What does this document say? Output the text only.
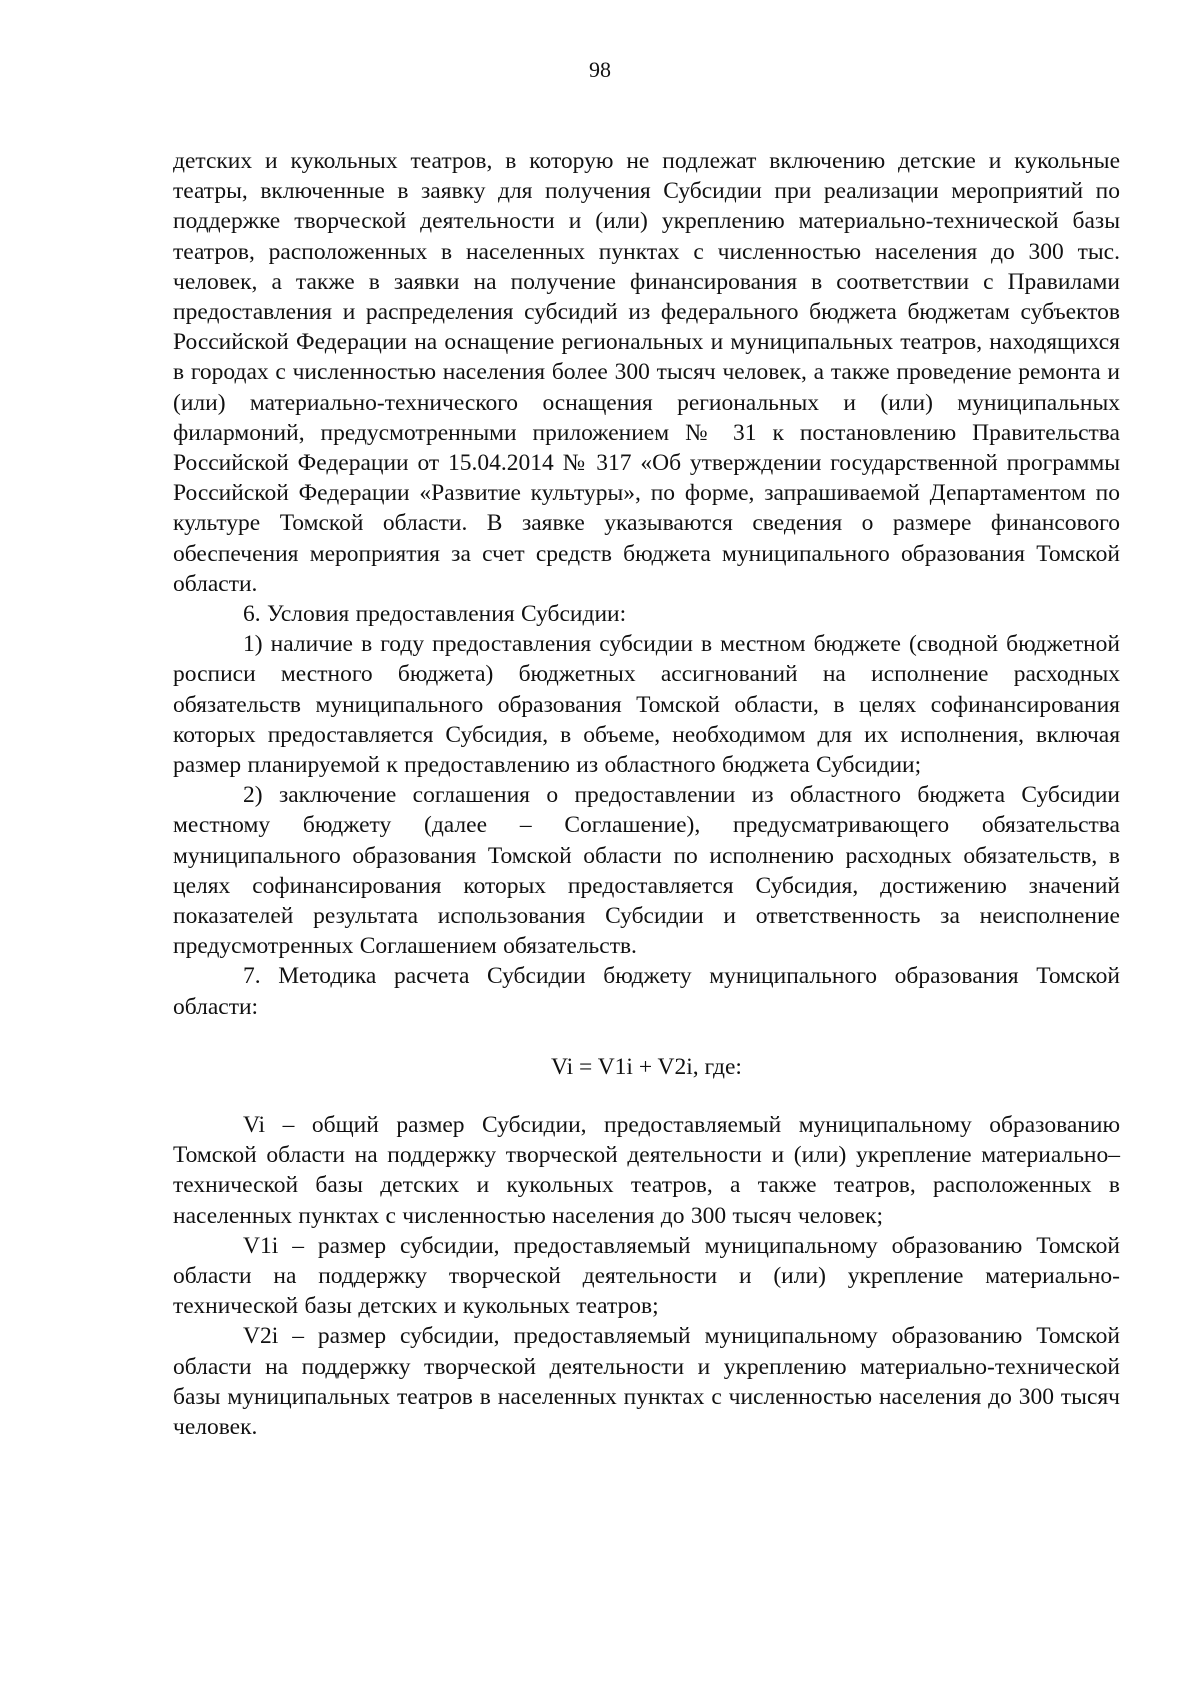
98

детских и кукольных театров, в которую не подлежат включению детские и кукольные театры, включенные в заявку для получения Субсидии при реализации мероприятий по поддержке творческой деятельности и (или) укреплению материально-технической базы театров, расположенных в населенных пунктах с численностью населения до 300 тыс. человек, а также в заявки на получение финансирования в соответствии с Правилами предоставления и распределения субсидий из федерального бюджета бюджетам субъектов Российской Федерации на оснащение региональных и муниципальных театров, находящихся в городах с численностью населения более 300 тысяч человек, а также проведение ремонта и (или) материально-технического оснащения региональных и (или) муниципальных филармоний, предусмотренными приложением № 31 к постановлению Правительства Российской Федерации от 15.04.2014 № 317 «Об утверждении государственной программы Российской Федерации «Развитие культуры», по форме, запрашиваемой Департаментом по культуре Томской области. В заявке указываются сведения о размере финансового обеспечения мероприятия за счет средств бюджета муниципального образования Томской области.

6. Условия предоставления Субсидии:

1) наличие в году предоставления субсидии в местном бюджете (сводной бюджетной росписи местного бюджета) бюджетных ассигнований на исполнение расходных обязательств муниципального образования Томской области, в целях софинансирования которых предоставляется Субсидия, в объеме, необходимом для их исполнения, включая размер планируемой к предоставлению из областного бюджета Субсидии;

2) заключение соглашения о предоставлении из областного бюджета Субсидии местному бюджету (далее – Соглашение), предусматривающего обязательства муниципального образования Томской области по исполнению расходных обязательств, в целях софинансирования которых предоставляется Субсидия, достижению значений показателей результата использования Субсидии и ответственность за неисполнение предусмотренных Соглашением обязательств.

7. Методика расчета Субсидии бюджету муниципального образования Томской области:

Vi = V1i + V2i, где:

Vi – общий размер Субсидии, предоставляемый муниципальному образованию Томской области на поддержку творческой деятельности и (или) укрепление материально–технической базы детских и кукольных театров, а также театров, расположенных в населенных пунктах с численностью населения до 300 тысяч человек;

V1i – размер субсидии, предоставляемый муниципальному образованию Томской области на поддержку творческой деятельности и (или) укрепление материально-технической базы детских и кукольных театров;

V2i – размер субсидии, предоставляемый муниципальному образованию Томской области на поддержку творческой деятельности и укреплению материально-технической базы муниципальных театров в населенных пунктах с численностью населения до 300 тысяч человек.
